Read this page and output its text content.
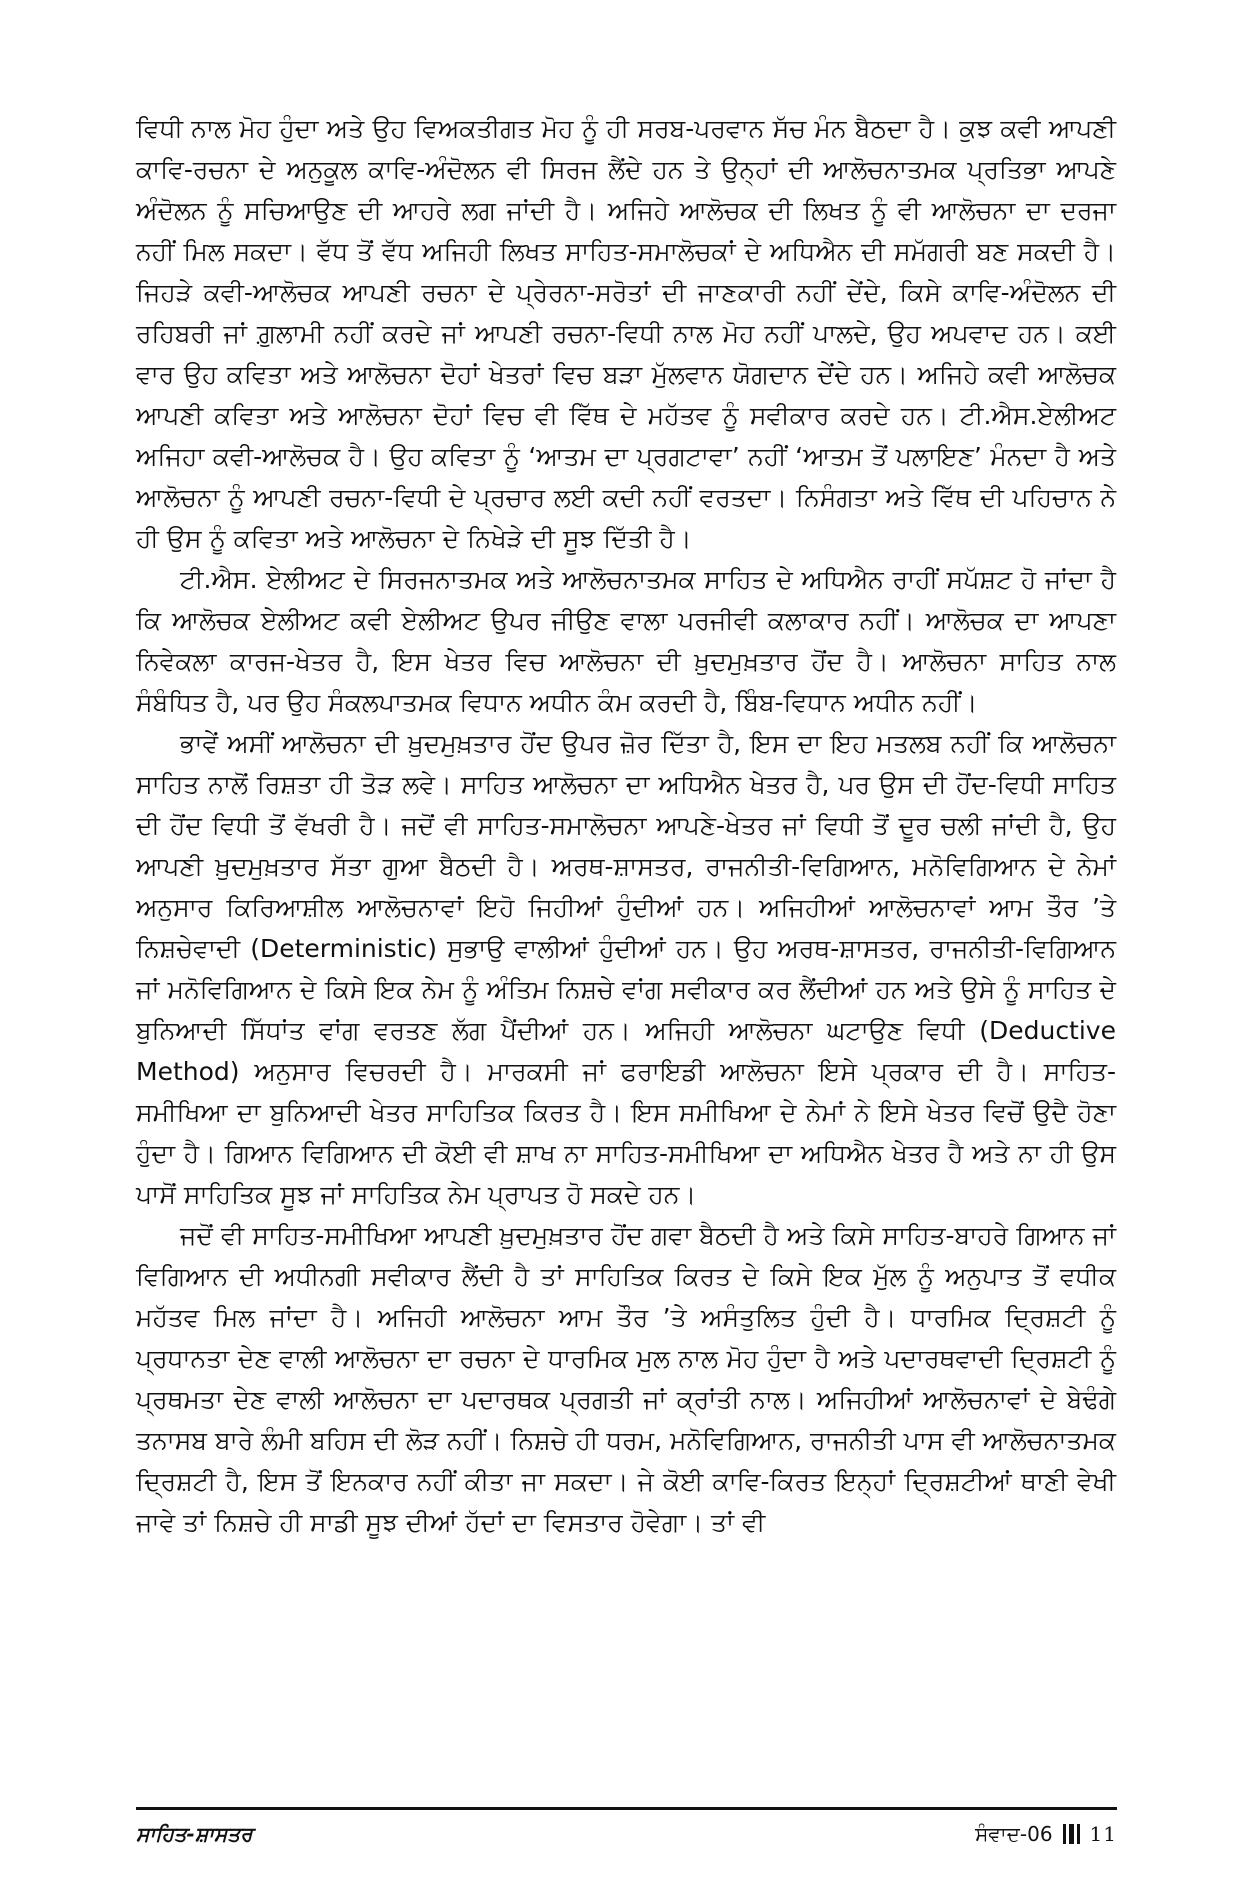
ਵਿਧੀ ਨਾਲ ਮੋਹ ਹੁੰਦਾ ਅਤੇ ਉਹ ਵਿਅਕਤੀਗਤ ਮੋਹ ਨੂੰ ਹੀ ਸਰਬ-ਪਰਵਾਨ ਸੱਚ ਮੰਨ ਬੈਠਦਾ ਹੈ। ਕੁਝ ਕਵੀ ਆਪਣੀ ਕਾਵਿ-ਰਚਨਾ ਦੇ ਅਨੁਕੂਲ ਕਾਵਿ-ਅੰਦੋਲਨ ਵੀ ਸਿਰਜ ਲੈਂਦੇ ਹਨ ਤੇ ਉਨ੍ਹਾਂ ਦੀ ਆਲੋਚਨਾਤਮਕ ਪ੍ਰਤਿਭਾ ਆਪਣੇ ਅੰਦੋਲਨ ਨੂੰ ਸਚਿਆਉਣ ਦੀ ਆਹਰੇ ਲਗ ਜਾਂਦੀ ਹੈ। ਅਜਿਹੇ ਆਲੋਚਕ ਦੀ ਲਿਖਤ ਨੂੰ ਵੀ ਆਲੋਚਨਾ ਦਾ ਦਰਜਾ ਨਹੀਂ ਮਿਲ ਸਕਦਾ। ਵੱਧ ਤੋਂ ਵੱਧ ਅਜਿਹੀ ਲਿਖਤ ਸਾਹਿਤ-ਸਮਾਲੋਚਕਾਂ ਦੇ ਅਧਿਐਨ ਦੀ ਸਮੱਗਰੀ ਬਣ ਸਕਦੀ ਹੈ। ਜਿਹੜੇ ਕਵੀ-ਆਲੋਚਕ ਆਪਣੀ ਰਚਨਾ ਦੇ ਪ੍ਰੇਰਨਾ-ਸਰੋਤਾਂ ਦੀ ਜਾਣਕਾਰੀ ਨਹੀਂ ਦੇਂਦੇ, ਕਿਸੇ ਕਾਵਿ-ਅੰਦੋਲਨ ਦੀ ਰਹਿਬਰੀ ਜਾਂ ਗ਼ੁਲਾਮੀ ਨਹੀਂ ਕਰਦੇ ਜਾਂ ਆਪਣੀ ਰਚਨਾ-ਵਿਧੀ ਨਾਲ ਮੋਹ ਨਹੀਂ ਪਾਲਦੇ, ਉਹ ਅਪਵਾਦ ਹਨ। ਕਈ ਵਾਰ ਉਹ ਕਵਿਤਾ ਅਤੇ ਆਲੋਚਨਾ ਦੋਹਾਂ ਖੇਤਰਾਂ ਵਿਚ ਬੜਾ ਮੁੱਲਵਾਨ ਯੋਗਦਾਨ ਦੇਂਦੇ ਹਨ। ਅਜਿਹੇ ਕਵੀ ਆਲੋਚਕ ਆਪਣੀ ਕਵਿਤਾ ਅਤੇ ਆਲੋਚਨਾ ਦੋਹਾਂ ਵਿਚ ਵੀ ਵਿੱਥ ਦੇ ਮਹੱਤਵ ਨੂੰ ਸਵੀਕਾਰ ਕਰਦੇ ਹਨ। ਟੀ.ਐਸ.ਏਲੀਅਟ ਅਜਿਹਾ ਕਵੀ-ਆਲੋਚਕ ਹੈ। ਉਹ ਕਵਿਤਾ ਨੂੰ ‘ਆਤਮ ਦਾ ਪ੍ਰਗਟਾਵਾ’ ਨਹੀਂ ‘ਆਤਮ ਤੋਂ ਪਲਾਇਣ’ ਮੰਨਦਾ ਹੈ ਅਤੇ ਆਲੋਚਨਾ ਨੂੰ ਆਪਣੀ ਰਚਨਾ-ਵਿਧੀ ਦੇ ਪ੍ਰਚਾਰ ਲਈ ਕਦੀ ਨਹੀਂ ਵਰਤਦਾ। ਨਿਸੰਗਤਾ ਅਤੇ ਵਿੱਥ ਦੀ ਪਹਿਚਾਨ ਨੇ ਹੀ ਉਸ ਨੂੰ ਕਵਿਤਾ ਅਤੇ ਆਲੋਚਨਾ ਦੇ ਨਿਖੇੜੇ ਦੀ ਸੂਝ ਦਿੱਤੀ ਹੈ।

ਟੀ.ਐਸ. ਏਲੀਅਟ ਦੇ ਸਿਰਜਨਾਤਮਕ ਅਤੇ ਆਲੋਚਨਾਤਮਕ ਸਾਹਿਤ ਦੇ ਅਧਿਐਨ ਰਾਹੀਂ ਸਪੱਸ਼ਟ ਹੋ ਜਾਂਦਾ ਹੈ ਕਿ ਆਲੋਚਕ ਏਲੀਅਟ ਕਵੀ ਏਲੀਅਟ ਉਪਰ ਜੀਉਣ ਵਾਲਾ ਪਰਜੀਵੀ ਕਲਾਕਾਰ ਨਹੀਂ। ਆਲੋਚਕ ਦਾ ਆਪਣਾ ਨਿਵੇਕਲਾ ਕਾਰਜ-ਖੇਤਰ ਹੈ, ਇਸ ਖੇਤਰ ਵਿਚ ਆਲੋਚਨਾ ਦੀ ਖ਼ੁਦਮੁਖ਼ਤਾਰ ਹੋਂਦ ਹੈ। ਆਲੋਚਨਾ ਸਾਹਿਤ ਨਾਲ ਸੰਬੰਧਿਤ ਹੈ, ਪਰ ਉਹ ਸੰਕਲਪਾਤਮਕ ਵਿਧਾਨ ਅਧੀਨ ਕੰਮ ਕਰਦੀ ਹੈ, ਬਿੰਬ-ਵਿਧਾਨ ਅਧੀਨ ਨਹੀਂ।

ਭਾਵੇਂ ਅਸੀਂ ਆਲੋਚਨਾ ਦੀ ਖ਼ੁਦਮੁਖ਼ਤਾਰ ਹੋਂਦ ਉਪਰ ਜ਼ੋਰ ਦਿੱਤਾ ਹੈ, ਇਸ ਦਾ ਇਹ ਮਤਲਬ ਨਹੀਂ ਕਿ ਆਲੋਚਨਾ ਸਾਹਿਤ ਨਾਲੋਂ ਰਿਸ਼ਤਾ ਹੀ ਤੋੜ ਲਵੇ। ਸਾਹਿਤ ਆਲੋਚਨਾ ਦਾ ਅਧਿਐਨ ਖੇਤਰ ਹੈ, ਪਰ ਉਸ ਦੀ ਹੋਂਦ-ਵਿਧੀ ਸਾਹਿਤ ਦੀ ਹੋਂਦ ਵਿਧੀ ਤੋਂ ਵੱਖਰੀ ਹੈ। ਜਦੋਂ ਵੀ ਸਾਹਿਤ-ਸਮਾਲੋਚਨਾ ਆਪਣੇ-ਖੇਤਰ ਜਾਂ ਵਿਧੀ ਤੋਂ ਦੂਰ ਚਲੀ ਜਾਂਦੀ ਹੈ, ਉਹ ਆਪਣੀ ਖ਼ੁਦਮੁਖ਼ਤਾਰ ਸੱਤਾ ਗੁਆ ਬੈਠਦੀ ਹੈ। ਅਰਥ-ਸ਼ਾਸਤਰ, ਰਾਜਨੀਤੀ-ਵਿਗਿਆਨ, ਮਨੋਵਿਗਿਆਨ ਦੇ ਨੇਮਾਂ ਅਨੁਸਾਰ ਕਿਰਿਆਸ਼ੀਲ ਆਲੋਚਨਾਵਾਂ ਇਹੋ ਜਿਹੀਆਂ ਹੁੰਦੀਆਂ ਹਨ। ਅਜਿਹੀਆਂ ਆਲੋਚਨਾਵਾਂ ਆਮ ਤੌਰ ’ਤੇ ਨਿਸ਼ਚੇਵਾਦੀ (Deterministic) ਸੁਭਾਉ ਵਾਲੀਆਂ ਹੁੰਦੀਆਂ ਹਨ। ਉਹ ਅਰਥ-ਸ਼ਾਸਤਰ, ਰਾਜਨੀਤੀ-ਵਿਗਿਆਨ ਜਾਂ ਮਨੋਵਿਗਿਆਨ ਦੇ ਕਿਸੇ ਇਕ ਨੇਮ ਨੂੰ ਅੰਤਿਮ ਨਿਸ਼ਚੇ ਵਾਂਗ ਸਵੀਕਾਰ ਕਰ ਲੈਂਦੀਆਂ ਹਨ ਅਤੇ ਉਸੇ ਨੂੰ ਸਾਹਿਤ ਦੇ ਬੁਨਿਆਦੀ ਸਿੱਧਾਂਤ ਵਾਂਗ ਵਰਤਣ ਲੱਗ ਪੈਂਦੀਆਂ ਹਨ। ਅਜਿਹੀ ਆਲੋਚਨਾ ਘਟਾਉਣ ਵਿਧੀ (Deductive Method) ਅਨੁਸਾਰ ਵਿਚਰਦੀ ਹੈ। ਮਾਰਕਸੀ ਜਾਂ ਫਰਾਇਡੀ ਆਲੋਚਨਾ ਇਸੇ ਪ੍ਰਕਾਰ ਦੀ ਹੈ। ਸਾਹਿਤ-ਸਮੀਖਿਆ ਦਾ ਬੁਨਿਆਦੀ ਖੇਤਰ ਸਾਹਿਤਿਕ ਕਿਰਤ ਹੈ। ਇਸ ਸਮੀਖਿਆ ਦੇ ਨੇਮਾਂ ਨੇ ਇਸੇ ਖੇਤਰ ਵਿਚੋਂ ਉਦੈ ਹੋਣਾ ਹੁੰਦਾ ਹੈ। ਗਿਆਨ ਵਿਗਿਆਨ ਦੀ ਕੋਈ ਵੀ ਸ਼ਾਖ ਨਾ ਸਾਹਿਤ-ਸਮੀਖਿਆ ਦਾ ਅਧਿਐਨ ਖੇਤਰ ਹੈ ਅਤੇ ਨਾ ਹੀ ਉਸ ਪਾਸੋਂ ਸਾਹਿਤਿਕ ਸੂਝ ਜਾਂ ਸਾਹਿਤਿਕ ਨੇਮ ਪ੍ਰਾਪਤ ਹੋ ਸਕਦੇ ਹਨ।

ਜਦੋਂ ਵੀ ਸਾਹਿਤ-ਸਮੀਖਿਆ ਆਪਣੀ ਖ਼ੁਦਮੁਖ਼ਤਾਰ ਹੋਂਦ ਗਵਾ ਬੈਠਦੀ ਹੈ ਅਤੇ ਕਿਸੇ ਸਾਹਿਤ-ਬਾਹਰੇ ਗਿਆਨ ਜਾਂ ਵਿਗਿਆਨ ਦੀ ਅਧੀਨਗੀ ਸਵੀਕਾਰ ਲੈਂਦੀ ਹੈ ਤਾਂ ਸਾਹਿਤਿਕ ਕਿਰਤ ਦੇ ਕਿਸੇ ਇਕ ਮੁੱਲ ਨੂੰ ਅਨੁਪਾਤ ਤੋਂ ਵਧੀਕ ਮਹੱਤਵ ਮਿਲ ਜਾਂਦਾ ਹੈ। ਅਜਿਹੀ ਆਲੋਚਨਾ ਆਮ ਤੌਰ ’ਤੇ ਅਸੰਤੁਲਿਤ ਹੁੰਦੀ ਹੈ। ਧਾਰਮਿਕ ਦ੍ਰਿਸ਼ਟੀ ਨੂੰ ਪ੍ਰਧਾਨਤਾ ਦੇਣ ਵਾਲੀ ਆਲੋਚਨਾ ਦਾ ਰਚਨਾ ਦੇ ਧਾਰਮਿਕ ਮੁਲ ਨਾਲ ਮੋਹ ਹੁੰਦਾ ਹੈ ਅਤੇ ਪਦਾਰਥਵਾਦੀ ਦ੍ਰਿਸ਼ਟੀ ਨੂੰ ਪ੍ਰਥਮਤਾ ਦੇਣ ਵਾਲੀ ਆਲੋਚਨਾ ਦਾ ਪਦਾਰਥਕ ਪ੍ਰਗਤੀ ਜਾਂ ਕ੍ਰਾਂਤੀ ਨਾਲ। ਅਜਿਹੀਆਂ ਆਲੋਚਨਾਵਾਂ ਦੇ ਬੇਢੰਗੇ ਤਨਾਸਬ ਬਾਰੇ ਲੰਮੀ ਬਹਿਸ ਦੀ ਲੋੜ ਨਹੀਂ। ਨਿਸ਼ਚੇ ਹੀ ਧਰਮ, ਮਨੋਵਿਗਿਆਨ, ਰਾਜਨੀਤੀ ਪਾਸ ਵੀ ਆਲੋਚਨਾਤਮਕ ਦ੍ਰਿਸ਼ਟੀ ਹੈ, ਇਸ ਤੋਂ ਇਨਕਾਰ ਨਹੀਂ ਕੀਤਾ ਜਾ ਸਕਦਾ। ਜੇ ਕੋਈ ਕਾਵਿ-ਕਿਰਤ ਇਨ੍ਹਾਂ ਦ੍ਰਿਸ਼ਟੀਆਂ ਥਾਣੀ ਵੇਖੀ ਜਾਵੇ ਤਾਂ ਨਿਸ਼ਚੇ ਹੀ ਸਾਡੀ ਸੂਝ ਦੀਆਂ ਹੱਦਾਂ ਦਾ ਵਿਸਤਾਰ ਹੋਵੇਗਾ। ਤਾਂ ਵੀ

ਸਾਹਿਤ-ਸ਼ਾਸਤਰ	ਸੰਵਾਦ-06 11
